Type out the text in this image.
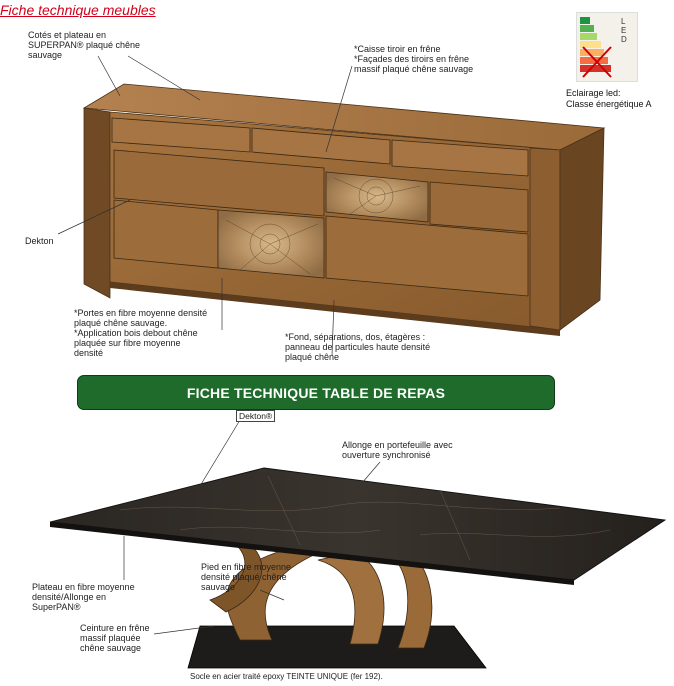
Fiche technique meubles
Cotés et plateau en
SUPERPAN® plaqué chêne
sauvage
*Caisse tiroir en frêne
*Façades des tiroirs en frêne
massif plaqué chêne sauvage
Dekton
*Portes en fibre moyenne densité
plaqué chêne sauvage.
*Application bois debout chêne
plaquée sur fibre moyenne
densité
*Fond, séparations, dos, étagères :
panneau de particules haute densité
plaqué chêne
LED
Eclairage led:
Classe énergétique A
FICHE TECHNIQUE TABLE DE REPAS
Dekton®
Allonge en portefeuille avec
ouverture synchronisé
Plateau en fibre moyenne
densité/Allonge en
SuperPAN®
Pied en fibre moyenne
densité plaqué chêne
sauvage
Ceinture en frêne
massif plaquée
chêne sauvage
Socle en acier traité epoxy TEINTE UNIQUE (fer 192).
